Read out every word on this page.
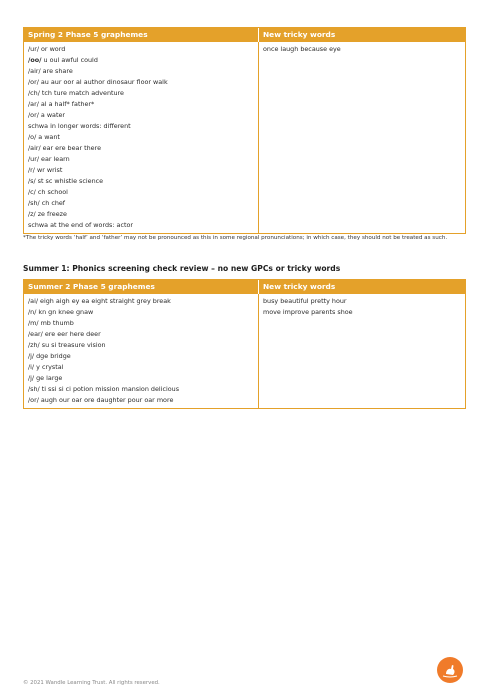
Spring 2 Phase 5 graphemes	New tricky words
/ur/ or word
/oo/ u oul awful could
/air/ are share
/or/ au aur oor al author dinosaur floor walk
/ch/ tch ture match adventure
/ar/ al a half* father*
/or/ a water
schwa in longer words: different
/o/ a want
/air/ ear ere bear there
/ur/ ear learn
/r/ wr wrist
/s/ st sc whistle science
/c/ ch school
/sh/ ch chef
/z/ ze freeze
schwa at the end of words: actor
once laugh because eye
*The tricky words ‘half’ and ‘father’ may not be pronounced as this in some regional pronunciations; in which case, they should not be treated as such.
Summer 1: Phonics screening check review – no new GPCs or tricky words
Summer 2 Phase 5 graphemes	New tricky words
/ai/ eigh aigh ey ea eight straight grey break
/n/ kn gn knee gnaw
/m/ mb thumb
/ear/ ere eer here deer
/zh/ su si treasure vision
/j/ dge bridge
/i/ y crystal
/j/ ge large
/sh/ ti ssi si ci potion mission mansion delicious
/or/ augh our oar ore daughter pour oar more
busy beautiful pretty hour
move improve parents shoe
© 2021 Wandle Learning Trust. All rights reserved.
